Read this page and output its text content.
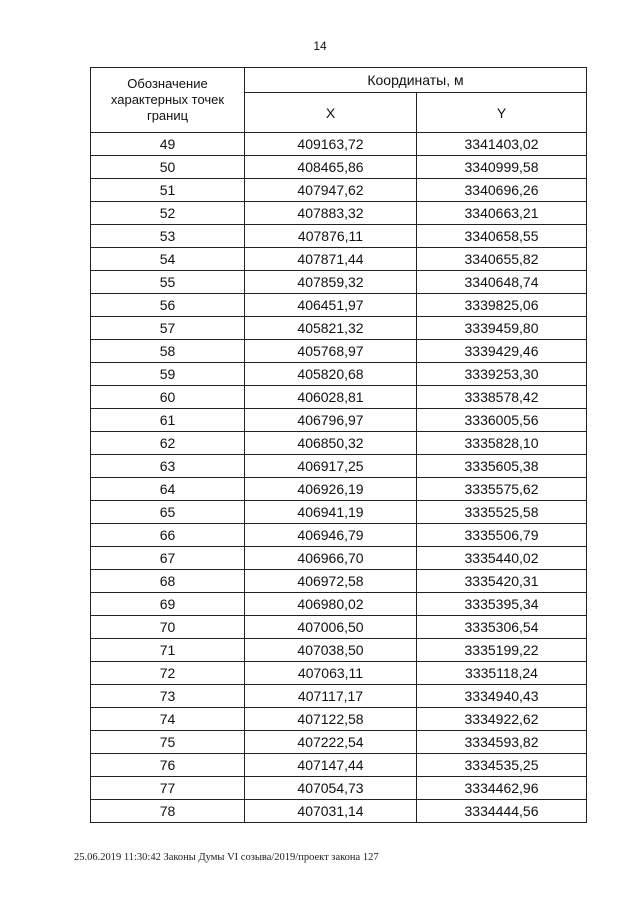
14
Обозначение
характерных точек
границ	Координаты, м	
	X	Y
49	409163,72	3341403,02
50	408465,86	3340999,58
51	407947,62	3340696,26
52	407883,32	3340663,21
53	407876,11	3340658,55
54	407871,44	3340655,82
55	407859,32	3340648,74
56	406451,97	3339825,06
57	405821,32	3339459,80
58	405768,97	3339429,46
59	405820,68	3339253,30
60	406028,81	3338578,42
61	406796,97	3336005,56
62	406850,32	3335828,10
63	406917,25	3335605,38
64	406926,19	3335575,62
65	406941,19	3335525,58
66	406946,79	3335506,79
67	406966,70	3335440,02
68	406972,58	3335420,31
69	406980,02	3335395,34
70	407006,50	3335306,54
71	407038,50	3335199,22
72	407063,11	3335118,24
73	407117,17	3334940,43
74	407122,58	3334922,62
75	407222,54	3334593,82
76	407147,44	3334535,25
77	407054,73	3334462,96
78	407031,14	3334444,56
25.06.2019 11:30:42 Законы Думы VI созыва/2019/проект закона 127
